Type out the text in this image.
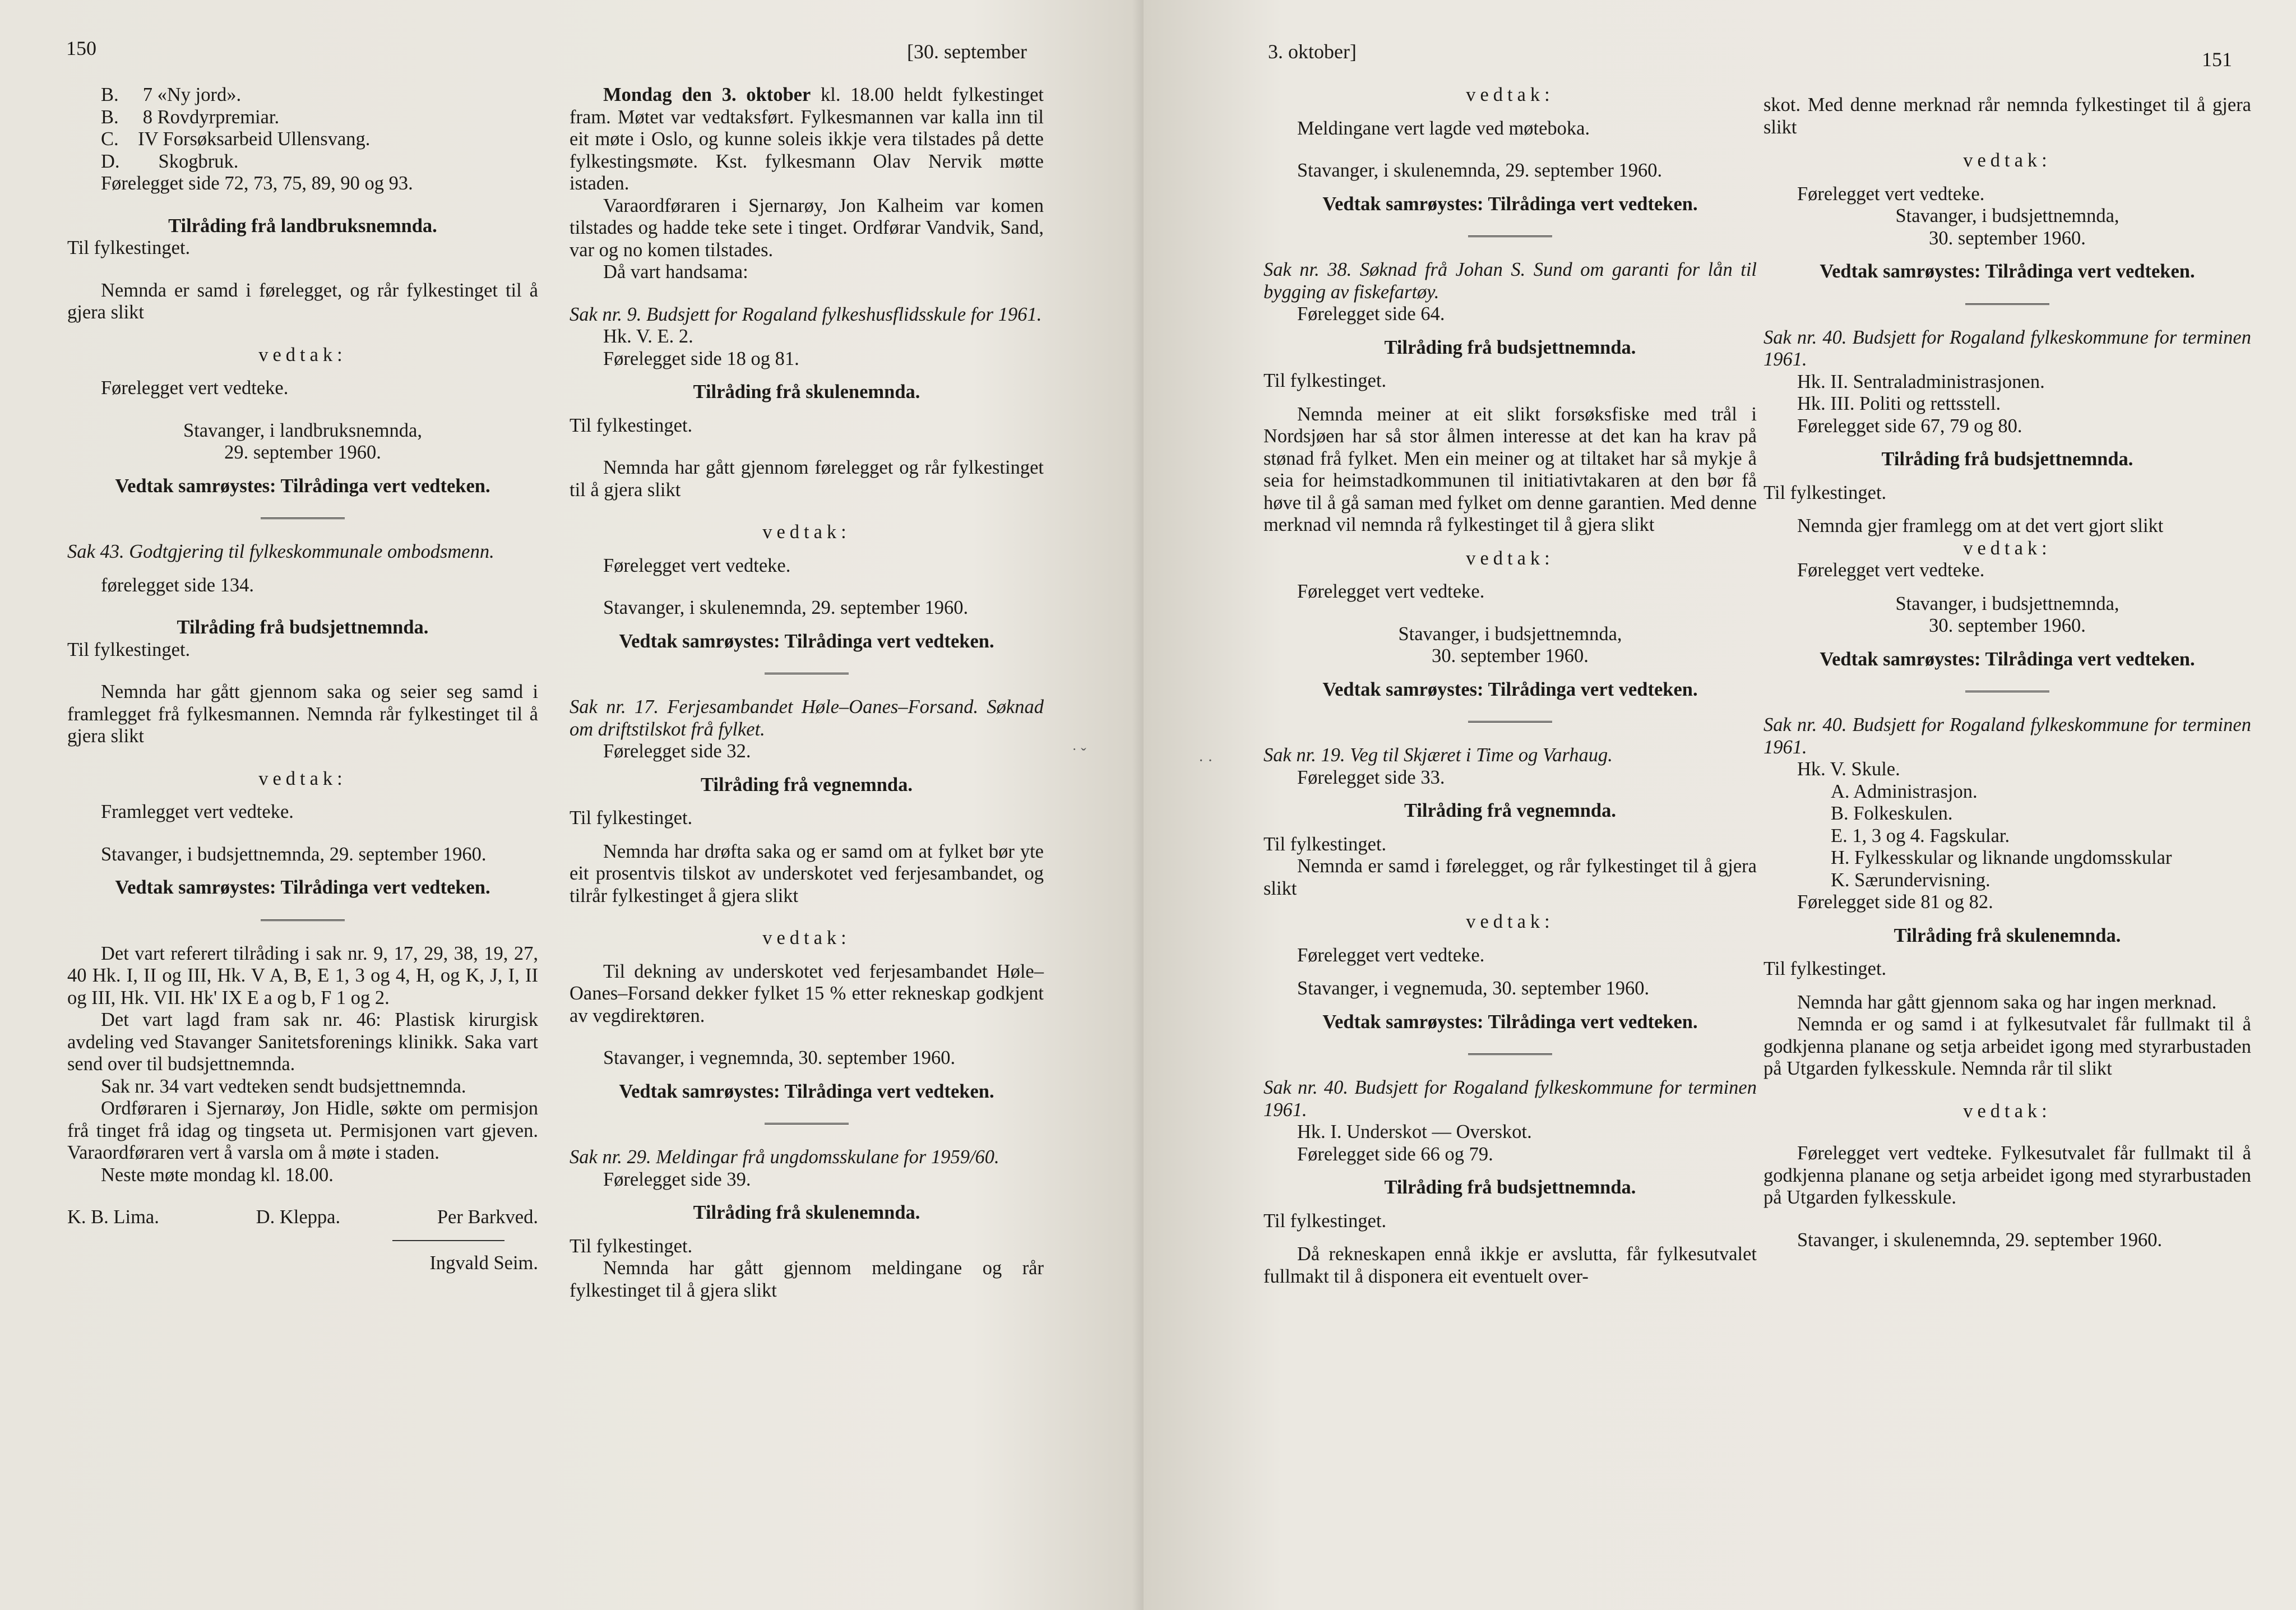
150	[30. september

B.  7 «Ny jord».

B.  8 Rovdyrpremiar.

C. IV Forsøksarbeid Ullensvang.

D.  Skogbruk.

Førelegget side 72, 73, 75, 89, 90 og 93.

Tilråding frå landbruksnemnda.

Til fylkestinget.

Nemnda er samd i førelegget, og rår fylkestinget til å gjera slikt

vedtak:

Førelegget vert vedteke.

Stavanger, i landbruksnemnda,

29. september 1960.

Vedtak samrøystes: Tilrådinga vert vedteken.

Sak 43. Godtgjering til fylkeskommunale ombodsmenn.

førelegget side 134.

Tilråding frå budsjettnemnda.

Til fylkestinget.

Nemnda har gått gjennom saka og seier seg samd i framlegget frå fylkesmannen. Nemnda rår fylkestinget til å gjera slikt

vedtak:

Framlegget vert vedteke.

Stavanger, i budsjettnemnda, 29. september 1960.

Vedtak samrøystes: Tilrådinga vert vedteken.

Det vart referert tilråding i sak nr. 9, 17, 29, 38, 19, 27, 40 Hk. I, II og III, Hk. V A, B, E 1, 3 og 4, H, og K, J, I, II og III, Hk. VII. Hk' IX E a og b, F 1 og 2.

Det vart lagd fram sak nr. 46: Plastisk kirurgisk avdeling ved Stavanger Sanitetsforenings klinikk. Saka vart send over til budsjettnemnda.

Sak nr. 34 vart vedteken sendt budsjettnemnda.

Ordføraren i Sjernarøy, Jon Hidle, søkte om permisjon frå tinget frå idag og tingseta ut. Permisjonen vart gjeven. Varaordføraren vert å varsla om å møte i staden.

Neste møte mondag kl. 18.00.

K. B. Lima.	D. Kleppa.	Per Barkved.

Ingvald Seim.

Mondag den 3. oktober kl. 18.00 heldt fylkestinget fram. Møtet var vedtaksført. Fylkesmannen var kalla inn til eit møte i Oslo, og kunne soleis ikkje vera tilstades på dette fylkestingsmøte. Kst. fylkesmann Olav Nervik møtte istaden.

Varaordføraren i Sjernarøy, Jon Kalheim var komen tilstades og hadde teke sete i tinget. Ordførar Vandvik, Sand, var og no komen tilstades.

Då vart handsama:

Sak nr. 9. Budsjett for Rogaland fylkeshusflidsskule for 1961.

Hk. V. E. 2.

Førelegget side 18 og 81.

Tilråding frå skulenemnda.

Til fylkestinget.

Nemnda har gått gjennom førelegget og rår fylkestinget til å gjera slikt

vedtak:

Førelegget vert vedteke.

Stavanger, i skulenemnda, 29. september 1960.

Vedtak samrøystes: Tilrådinga vert vedteken.

Sak nr. 17. Ferjesambandet Høle–Oanes–Forsand. Søknad om driftstilskot frå fylket.

Førelegget side 32.

Tilråding frå vegnemnda.

Til fylkestinget.

Nemnda har drøfta saka og er samd om at fylket bør yte eit prosentvis tilskot av underskotet ved ferjesambandet, og tilrår fylkestinget å gjera slikt

vedtak:

Til dekning av underskotet ved ferjesambandet Høle–Oanes–Forsand dekker fylket 15 % etter rekneskap godkjent av vegdirektøren.

Stavanger, i vegnemnda, 30. september 1960.

Vedtak samrøystes: Tilrådinga vert vedteken.

Sak nr. 29. Meldingar frå ungdomsskulane for 1959/60.

Førelegget side 39.

Tilråding frå skulenemnda.

Til fylkestinget.

Nemnda har gått gjennom meldingane og rår fylkestinget til å gjera slikt

˙ ˇ
3. oktober]	151
· ·

vedtak:

Meldingane vert lagde ved møteboka.

Stavanger, i skulenemnda, 29. september 1960.

Vedtak samrøystes: Tilrådinga vert vedteken.

Sak nr. 38. Søknad frå Johan S. Sund om garanti for lån til bygging av fiskefartøy.

Førelegget side 64.

Tilråding frå budsjettnemnda.

Til fylkestinget.

Nemnda meiner at eit slikt forsøksfiske med trål i Nordsjøen har så stor ålmen interesse at det kan ha krav på stønad frå fylket. Men ein meiner og at tiltaket har så mykje å seia for heimstadkommunen til initiativtakaren at den bør få høve til å gå saman med fylket om denne garantien. Med denne merknad vil nemnda rå fylkestinget til å gjera slikt

vedtak:

Førelegget vert vedteke.

Stavanger, i budsjettnemnda,

30. september 1960.

Vedtak samrøystes: Tilrådinga vert vedteken.

Sak nr. 19. Veg til Skjæret i Time og Varhaug.

Førelegget side 33.

Tilråding frå vegnemnda.

Til fylkestinget.

Nemnda er samd i førelegget, og rår fylkestinget til å gjera slikt

vedtak:

Førelegget vert vedteke.

Stavanger, i vegnemuda, 30. september 1960.

Vedtak samrøystes: Tilrådinga vert vedteken.

Sak nr. 40. Budsjett for Rogaland fylkeskommune for terminen 1961.

Hk. I. Underskot — Overskot.

Førelegget side 66 og 79.

Tilråding frå budsjettnemnda.

Til fylkestinget.

Då rekneskapen ennå ikkje er avslutta, får fylkesutvalet fullmakt til å disponera eit eventuelt over-

skot. Med denne merknad rår nemnda fylkestinget til å gjera slikt

vedtak:

Førelegget vert vedteke.

Stavanger, i budsjettnemnda,

30. september 1960.

Vedtak samrøystes: Tilrådinga vert vedteken.

Sak nr. 40. Budsjett for Rogaland fylkeskommune for terminen 1961.

Hk. II. Sentraladministrasjonen.

Hk. III. Politi og rettsstell.

Førelegget side 67, 79 og 80.

Tilråding frå budsjettnemnda.

Til fylkestinget.

Nemnda gjer framlegg om at det vert gjort slikt

vedtak:

Førelegget vert vedteke.

Stavanger, i budsjettnemnda,

30. september 1960.

Vedtak samrøystes: Tilrådinga vert vedteken.

Sak nr. 40. Budsjett for Rogaland fylkeskommune for terminen 1961.

Hk. V. Skule.

A. Administrasjon.

B. Folkeskulen.

E. 1, 3 og 4. Fagskular.

H. Fylkesskular og liknande ungdomsskular

K. Særundervisning.

Førelegget side 81 og 82.

Tilråding frå skulenemnda.

Til fylkestinget.

Nemnda har gått gjennom saka og har ingen merknad.

Nemnda er og samd i at fylkesutvalet får fullmakt til å godkjenna planane og setja arbeidet igong med styrarbustaden på Utgarden fylkesskule. Nemnda rår til slikt

vedtak:

Førelegget vert vedteke. Fylkesutvalet får fullmakt til å godkjenna planane og setja arbeidet igong med styrarbustaden på Utgarden fylkesskule.

Stavanger, i skulenemnda, 29. september 1960.
